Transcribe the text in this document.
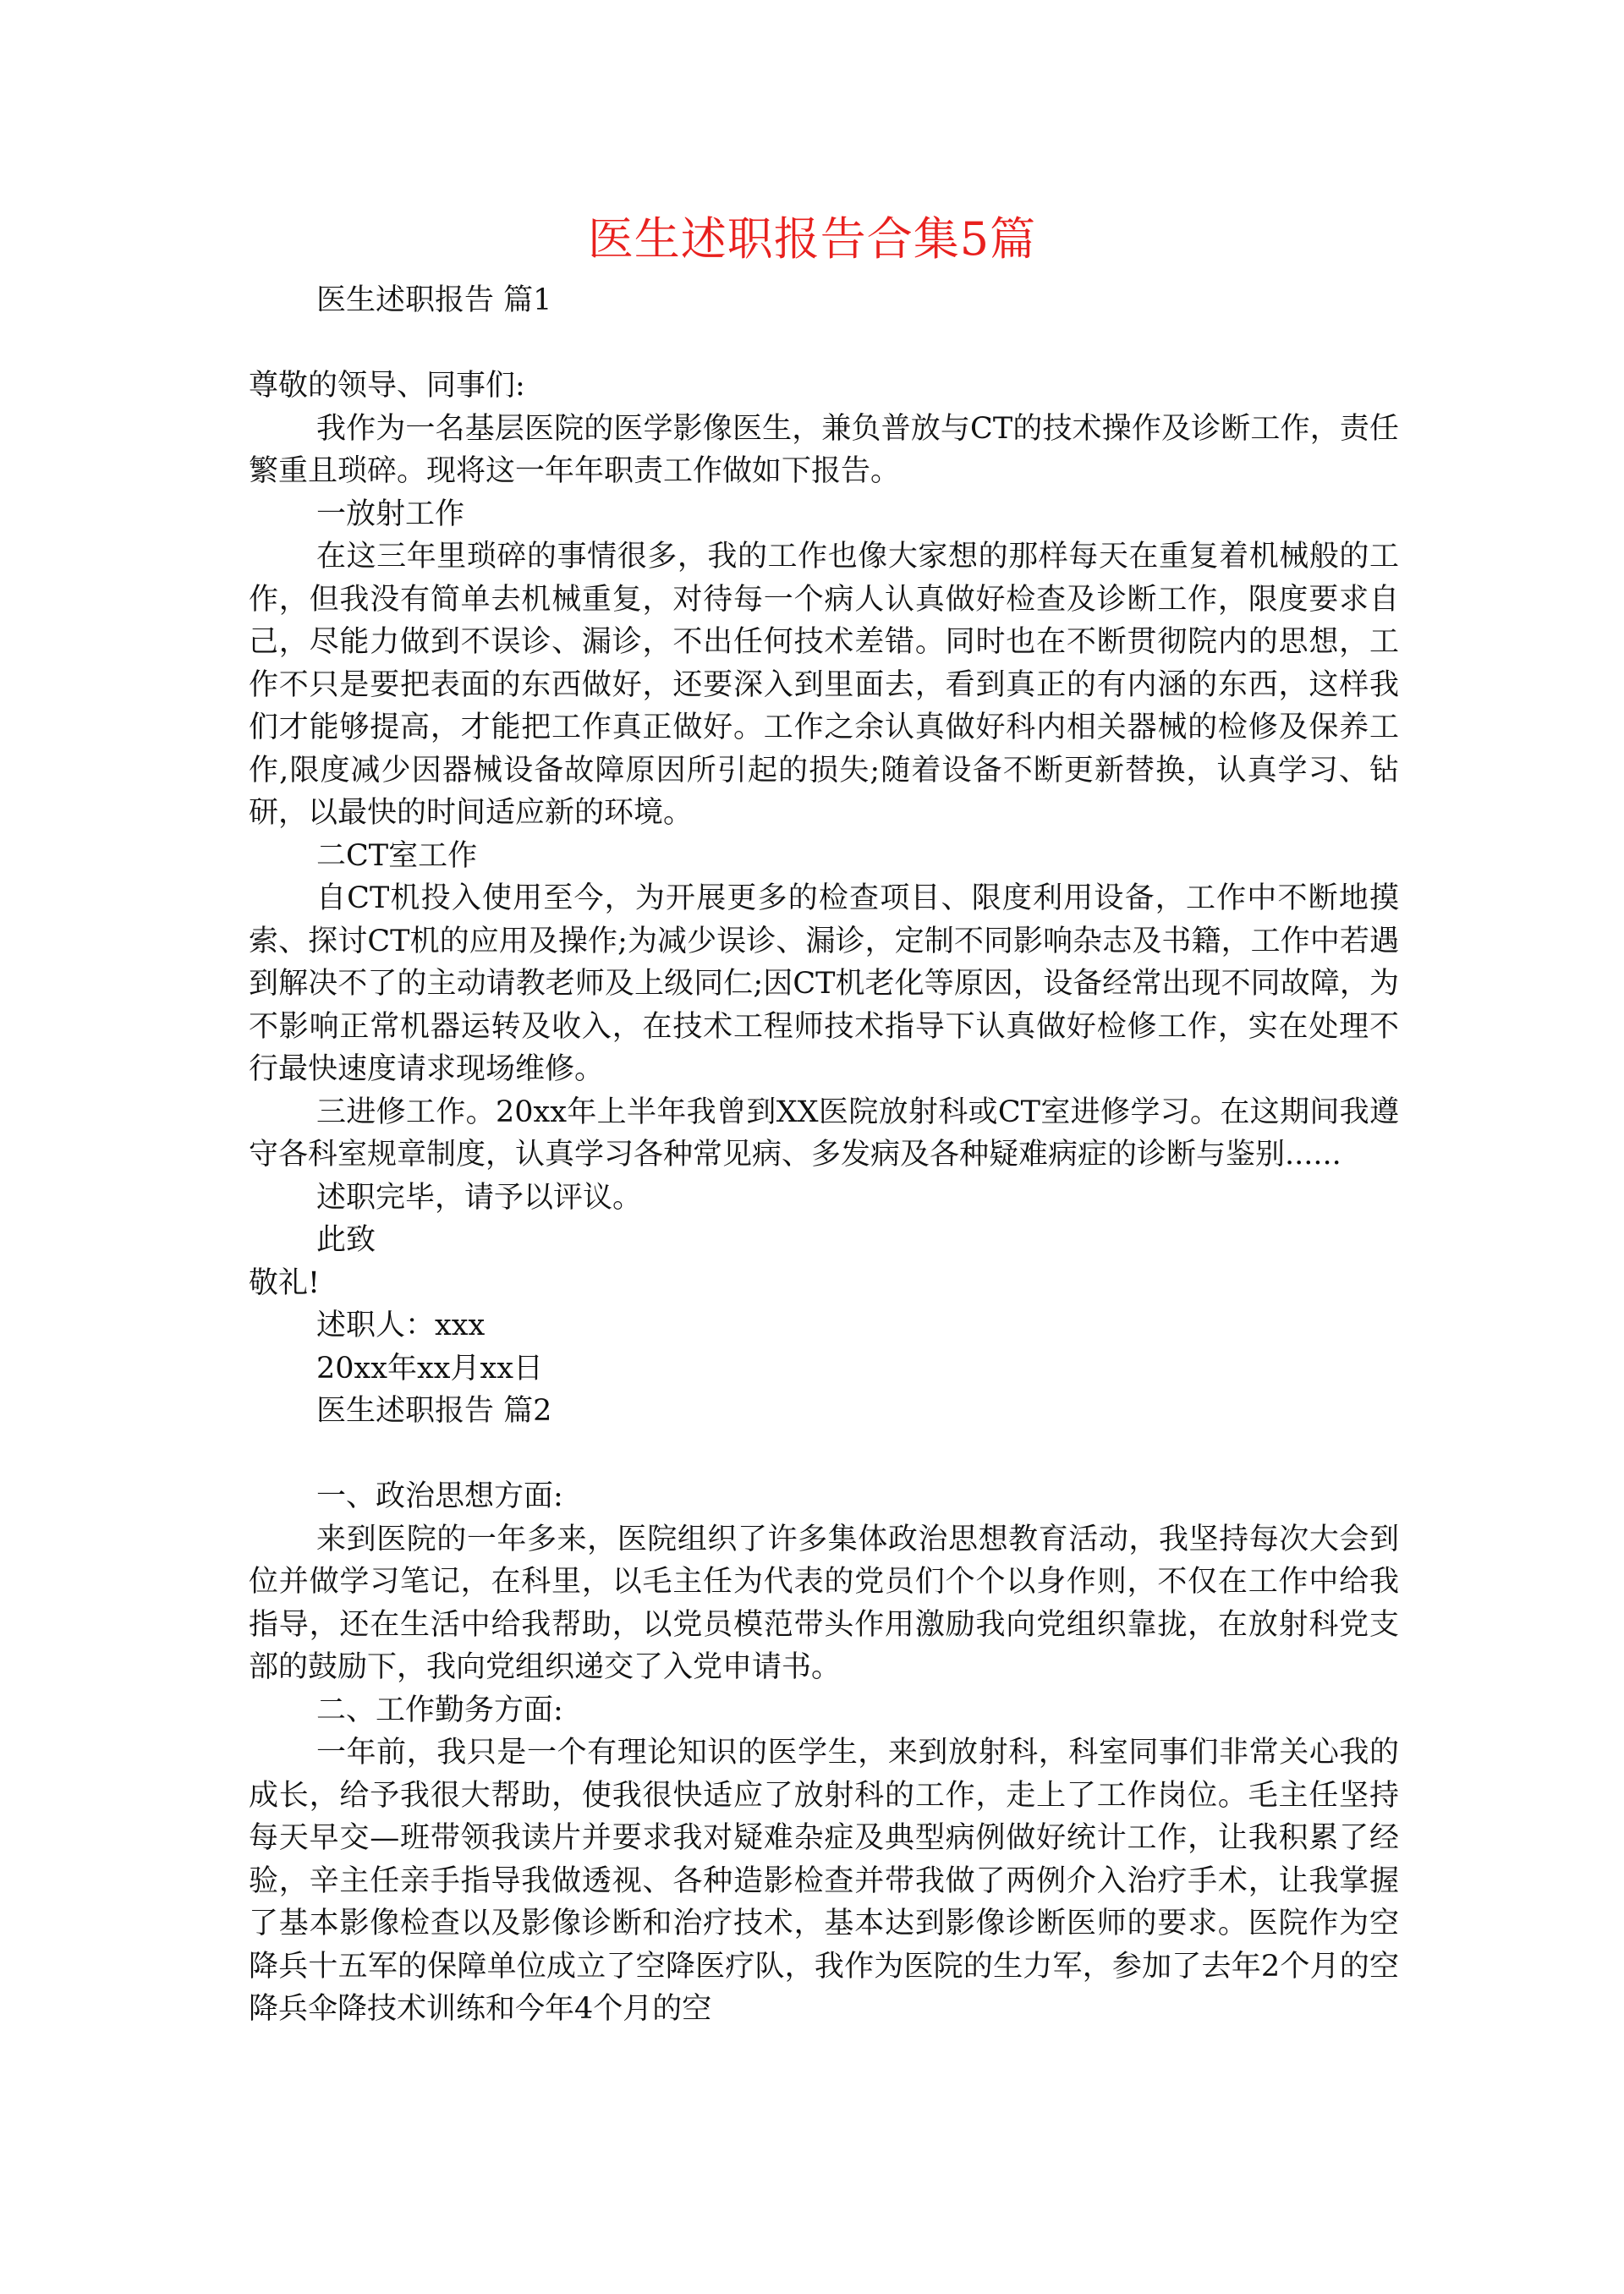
医生述职报告合集5篇

医生述职报告 篇1

尊敬的领导、同事们:

我作为一名基层医院的医学影像医生，兼负普放与CT的技术操作及诊断工作，责任繁重且琐碎。现将这一年年职责工作做如下报告。

一放射工作

在这三年里琐碎的事情很多，我的工作也像大家想的那样每天在重复着机械般的工作，但我没有简单去机械重复，对待每一个病人认真做好检查及诊断工作，限度要求自己，尽能力做到不误诊、漏诊，不出任何技术差错。同时也在不断贯彻院内的思想，工作不只是要把表面的东西做好，还要深入到里面去，看到真正的有内涵的东西，这样我们才能够提高，才能把工作真正做好。工作之余认真做好科内相关器械的检修及保养工作,限度减少因器械设备故障原因所引起的损失;随着设备不断更新替换，认真学习、钻研，以最快的时间适应新的环境。

二CT室工作

自CT机投入使用至今，为开展更多的检查项目、限度利用设备，工作中不断地摸索、探讨CT机的应用及操作;为减少误诊、漏诊，定制不同影响杂志及书籍，工作中若遇到解决不了的主动请教老师及上级同仁;因CT机老化等原因，设备经常出现不同故障，为不影响正常机器运转及收入，在技术工程师技术指导下认真做好检修工作，实在处理不行最快速度请求现场维修。

三进修工作。20xx年上半年我曾到XX医院放射科或CT室进修学习。在这期间我遵守各科室规章制度，认真学习各种常见病、多发病及各种疑难病症的诊断与鉴别......

述职完毕，请予以评议。

此致

敬礼!

述职人：xxx

20xx年xx月xx日

医生述职报告 篇2

一、政治思想方面:

来到医院的一年多来，医院组织了许多集体政治思想教育活动，我坚持每次大会到位并做学习笔记，在科里，以毛主任为代表的党员们个个以身作则，不仅在工作中给我指导，还在生活中给我帮助，以党员模范带头作用激励我向党组织靠拢，在放射科党支部的鼓励下，我向党组织递交了入党申请书。

二、工作勤务方面:

一年前，我只是一个有理论知识的医学生，来到放射科，科室同事们非常关心我的成长，给予我很大帮助，使我很快适应了放射科的工作，走上了工作岗位。毛主任坚持每天早交—班带领我读片并要求我对疑难杂症及典型病例做好统计工作，让我积累了经验，辛主任亲手指导我做透视、各种造影检查并带我做了两例介入治疗手术，让我掌握了基本影像检查以及影像诊断和治疗技术，基本达到影像诊断医师的要求。医院作为空降兵十五军的保障单位成立了空降医疗队，我作为医院的生力军，参加了去年2个月的空降兵伞降技术训练和今年4个月的空
